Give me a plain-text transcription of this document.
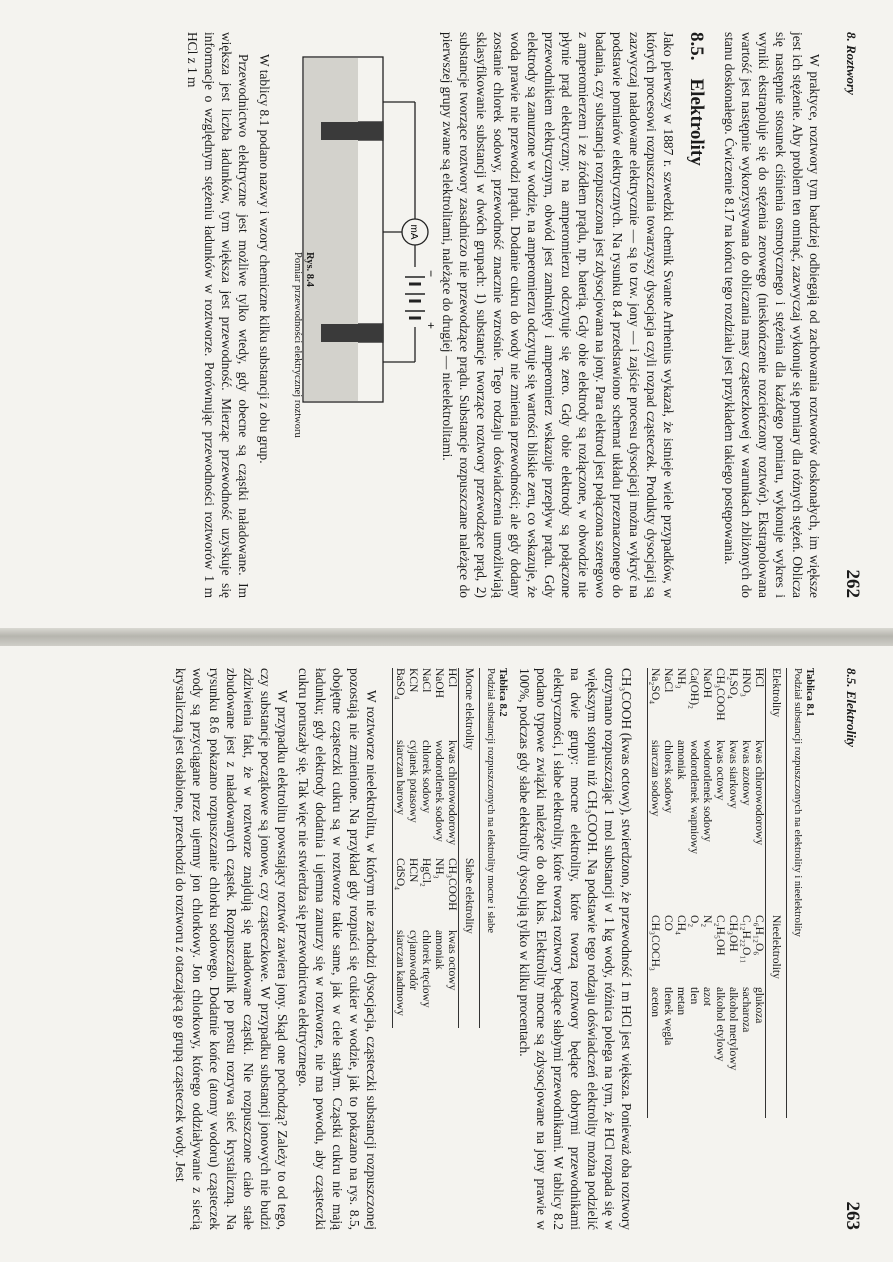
8. Roztwory
262

W praktyce, roztwory tym bardziej odbiegają od zachowania roztworów doskonałych, im większe jest ich stężenie. Aby problem ten ominąć, zazwyczaj wykonuje się pomiary dla różnych stężeń. Oblicza się następnie stosunek ciśnienia osmotycznego i stężenia dla każdego pomiaru, wykonuje wykres i wyniki ekstrapoluje się do stężenia zerowego (nieskończenie rozcieńczony roztwór). Ekstrapolowana wartość jest następnie wykorzystywana do obliczania masy cząsteczkowej w warunkach zbliżonych do stanu doskonałego. Ćwiczenie 8.17 na końcu tego rozdziału jest przykładem takiego postępowania.

8.5.Elektrolity

Jako pierwszy w 1887 r. szwedzki chemik Svante Arrhenius wykazał, że istnieje wiele przypadków, w których procesowi rozpuszczania towarzyszy dysocjacja czyli rozpad cząsteczek. Produkty dysocjacji są zazwyczaj naładowane elektrycznie — są to tzw. jony — i zajście procesu dysocjacji można wykryć na podstawie pomiarów elektrycznych. Na rysunku 8.4 przedstawiono schemat układu przeznaczonego do badania, czy substancja rozpuszczona jest zdysocjowana na jony. Para elektrod jest połączona szeregowo z amperomierzem i ze źródłem prądu, np. baterią. Gdy obie elektrody są rozłączone, w obwodzie nie płynie prąd elektryczny; na amperomierzu odczytuje się zero. Gdy obie elektrody są połączone przewodnikiem elektrycznym, obwód jest zamknięty i amperomierz wskazuje przepływ prądu. Gdy elektrody są zanurzone w wodzie, na amperomierzu odczytuje się wartości bliskie zeru, co wskazuje, że woda prawie nie przewodzi prądu. Dodanie cukru do wody nie zmienia przewodności; ale gdy dodany zostanie chlorek sodowy, przewodność znacznie wzrośnie. Tego rodzaju doświadczenia umożliwiają sklasyfikowanie substancji w dwóch grupach: 1) substancje tworzące roztwory przewodzące prąd, 2) substancje tworzące roztwory zasadniczo nie przewodzące prądu. Substancje rozpuszczane należące do pierwszej grupy zwane są elektrolitami, należące do drugiej — nieelektrolitami.

mA
−
+
Rys. 8.4
Pomiar przewodności elektrycznej roztworu

W tablicy 8.1 podano nazwy i wzory chemiczne kilku substancji z obu grup.

Przewodnictwo elektryczne jest możliwe tylko wtedy, gdy obecne są cząstki naładowane. Im większa jest liczba ładunków, tym większa jest przewodność. Mierząc przewodność uzyskuje się informacje o względnym stężeniu ładunków w roztworze. Porównując przewodności roztworów 1 m HCl z 1 m

8.5. Elektrolity
263
Tablica 8.1
Podział substancji rozpuszczonych na elektrolity i nieelektrolity
Elektrolity		Nieelektrolity	
HCl	kwas chlorowodorowy	C₆H₁₂O₆	glukoza
HNO₃	kwas azotowy	C₁₂H₂₂O₁₁	sacharoza
H₂SO₄	kwas siarkowy	CH₃OH	alkohol metylowy
CH₃COOH	kwas octowy	C₂H₅OH	alkohol etylowy
NaOH	wodorotlenek sodowy	N₂	azot
Ca(OH)₂	wodorotlenek wapniowy	O₂	tlen
NH₃	amoniak	CH₄	metan
NaCl	chlorek sodowy	CO	tlenek węgla
Na₂SO₄	siarczan sodowy	CH₃COCH₃	aceton

CH₃COOH (kwas octowy), stwierdzono, że przewodność 1 m HCl jest większa. Ponieważ oba roztwory otrzymano rozpuszczając 1 mol substancji w 1 kg wody, różnica polega na tym, że HCl rozpada się w większym stopniu niż CH₃COOH. Na podstawie tego rodzaju doświadczeń elektrolity można podzielić na dwie grupy: mocne elektrolity, które tworzą roztwory będące dobrymi przewodnikami elektryczności, i słabe elektrolity, które tworzą roztwory będące słabymi przewodnikami. W tablicy 8.2 podano typowe związki należące do obu klas. Elektrolity mocne są zdysocjowane na jony prawie w 100%, podczas gdy słabe elektrolity dysocjują tylko w kilku procentach.

Tablica 8.2
Podział substancji rozpuszczonych na elektrolity mocne i słabe
Mocne elektrolity		Słabe elektrolity	
HCl	kwas chlorowodorowy	CH₃COOH	kwas octowy
NaOH	wodorotlenek sodowy	NH₃	amoniak
NaCl	chlorek sodowy	HgCl₂	chlorek rtęciowy
KCN	cyjanek potasowy	HCN	cyjanowodór
BaSO₄	siarczan barowy	CdSO₄	siarczan kadmowy

W roztworze nieelektrolitu, w którym nie zachodzi dysocjacja, cząsteczki substancji rozpuszczonej pozostają nie zmienione. Na przykład gdy rozpuści się cukier w wodzie, jak to pokazano na rys. 8.5, obojętne cząsteczki cukru są w roztworze takie same, jak w ciele stałym. Cząstki cukru nie mają ładunku; gdy elektrody dodatnia i ujemna zanurzy się w roztworze, nie ma powodu, aby cząsteczki cukru poruszały się. Tak więc nie stwierdza się przewodnictwa elektrycznego.

W przypadku elektrolitu powstający roztwór zawiera jony. Skąd one pochodzą? Zależy to od tego, czy substancje początkowe są jonowe, czy cząsteczkowe. W przypadku substancji jonowych nie budzi zdziwienia fakt, że w roztworze znajdują się naładowane cząstki. Nie rozpuszczone ciało stałe zbudowane jest z naładowanych cząstek. Rozpuszczalnik po prostu rozrywa sieć krystaliczną. Na rysunku 8.6 pokazano rozpuszczanie chlorku sodowego. Dodatnie końce (atomy wodoru) cząsteczek wody są przyciągane przez ujemny jon chlorkowy. Jon chlorkowy, którego oddziaływanie z siecią krystaliczną jest osłabione, przechodzi do roztworu z otaczającą go grupą cząsteczek wody. Jest
